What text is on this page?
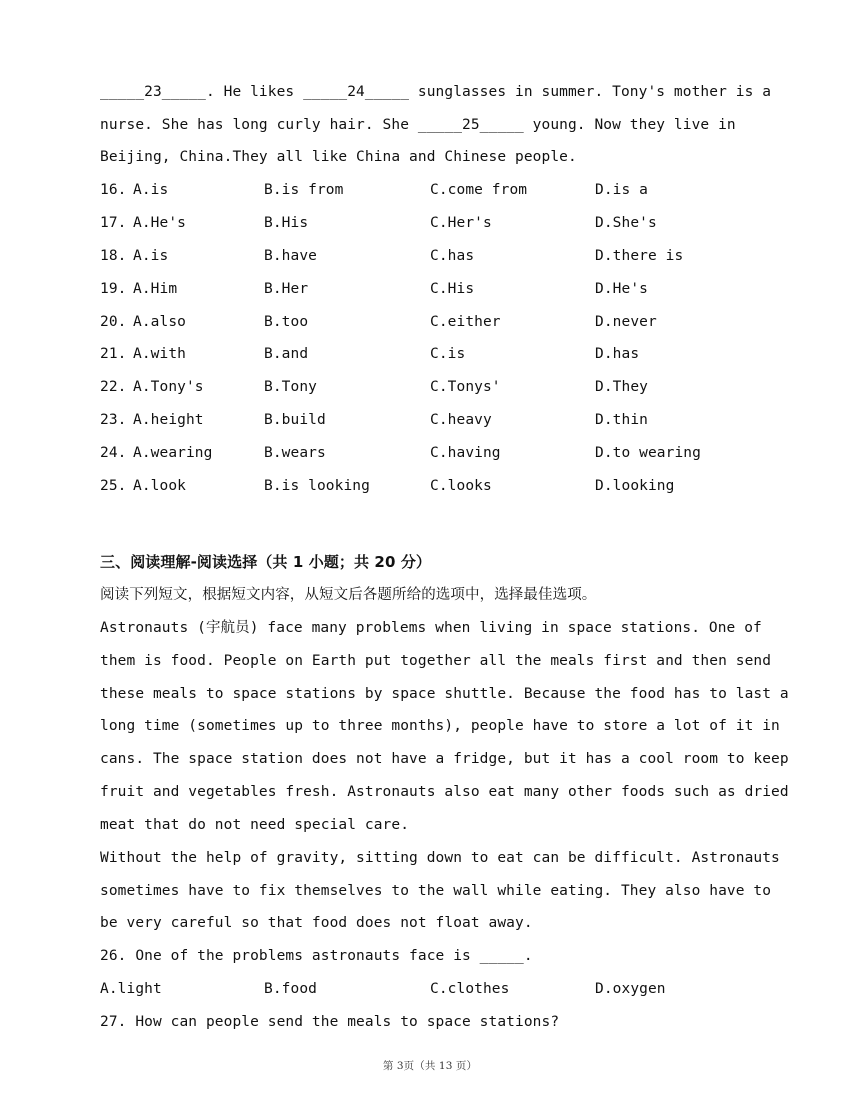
_____23_____. He likes _____24_____ sunglasses in summer. Tony's mother is a
nurse. She has long curly hair. She _____25_____ young. Now they live in
Beijing, China.They all like China and Chinese people.

16.

A.is

	B.is from

	C.come from

	D.is a

17.

A.He's

	B.His

	C.Her's

	D.She's

18.

A.is

	B.have

	C.has

	D.there is

19.

A.Him

	B.Her

	C.His

	D.He's

20.

A.also

	B.too

	C.either

	D.never

21.

A.with

	B.and

	C.is

	D.has

22.

A.Tony's

	B.Tony

	C.Tonys'

	D.They

23.

A.height

	B.build

	C.heavy

	D.thin

24.

A.wearing

	B.wears

	C.having

	D.to wearing

25.

A.look

	B.is looking

	C.looks

	D.looking

三、阅读理解-阅读选择（共 1 小题；共 20 分）
阅读下列短文，根据短文内容，从短文后各题所给的选项中，选择最佳选项。
Astronauts (宇航员) face many problems when living in space stations. One of
them is food. People on Earth put together all the meals first and then send
these meals to space stations by space shuttle. Because the food has to last a
long time (sometimes up to three months), people have to store a lot of it in
cans. The space station does not have a fridge, but it has a cool room to keep
fruit and vegetables fresh. Astronauts also eat many other foods such as dried
meat that do not need special care.
Without the help of gravity, sitting down to eat can be difficult. Astronauts
sometimes have to fix themselves to the wall while eating. They also have to
be very careful so that food does not float away.
26. One of the problems astronauts face is _____.

A.light

	B.food

	C.clothes

	D.oxygen

27. How can people send the meals to space stations?
第 3页（共 13 页）
